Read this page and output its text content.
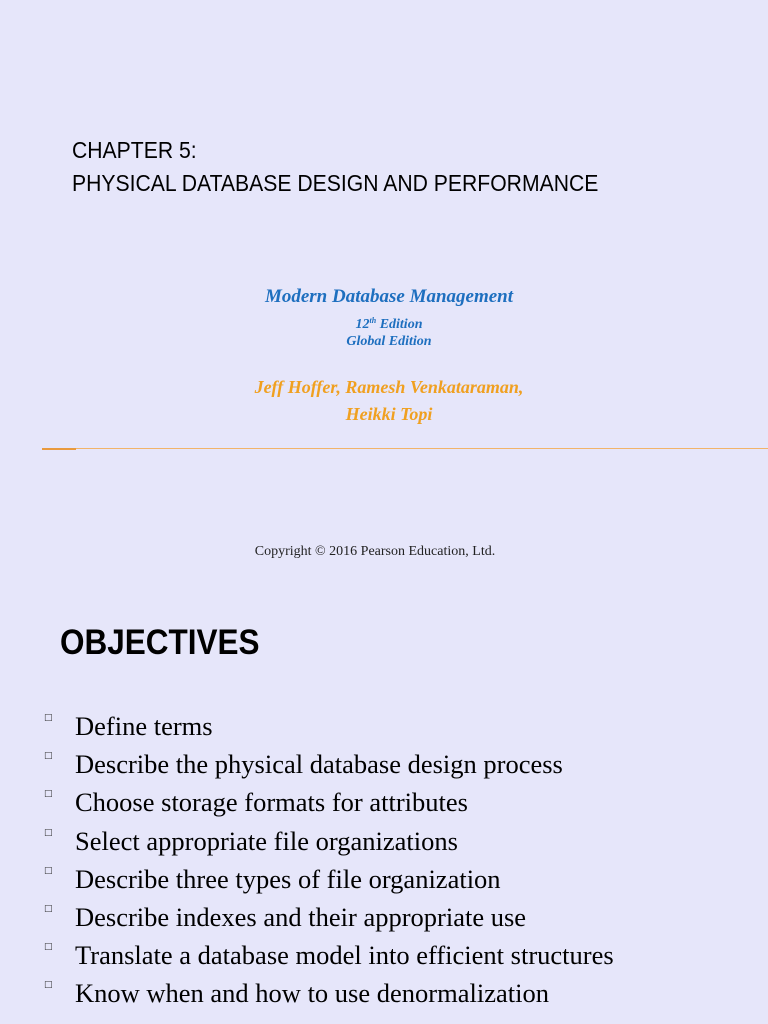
CHAPTER 5:
PHYSICAL DATABASE DESIGN AND PERFORMANCE
Modern Database Management
12th Edition
Global Edition
Jeff Hoffer, Ramesh Venkataraman,
Heikki Topi
Copyright © 2016 Pearson Education, Ltd.
OBJECTIVES
□ Define terms
□ Describe the physical database design process
□ Choose storage formats for attributes
□ Select appropriate file organizations
□ Describe three types of file organization
□ Describe indexes and their appropriate use
□ Translate a database model into efficient structures
□ Know when and how to use denormalization
